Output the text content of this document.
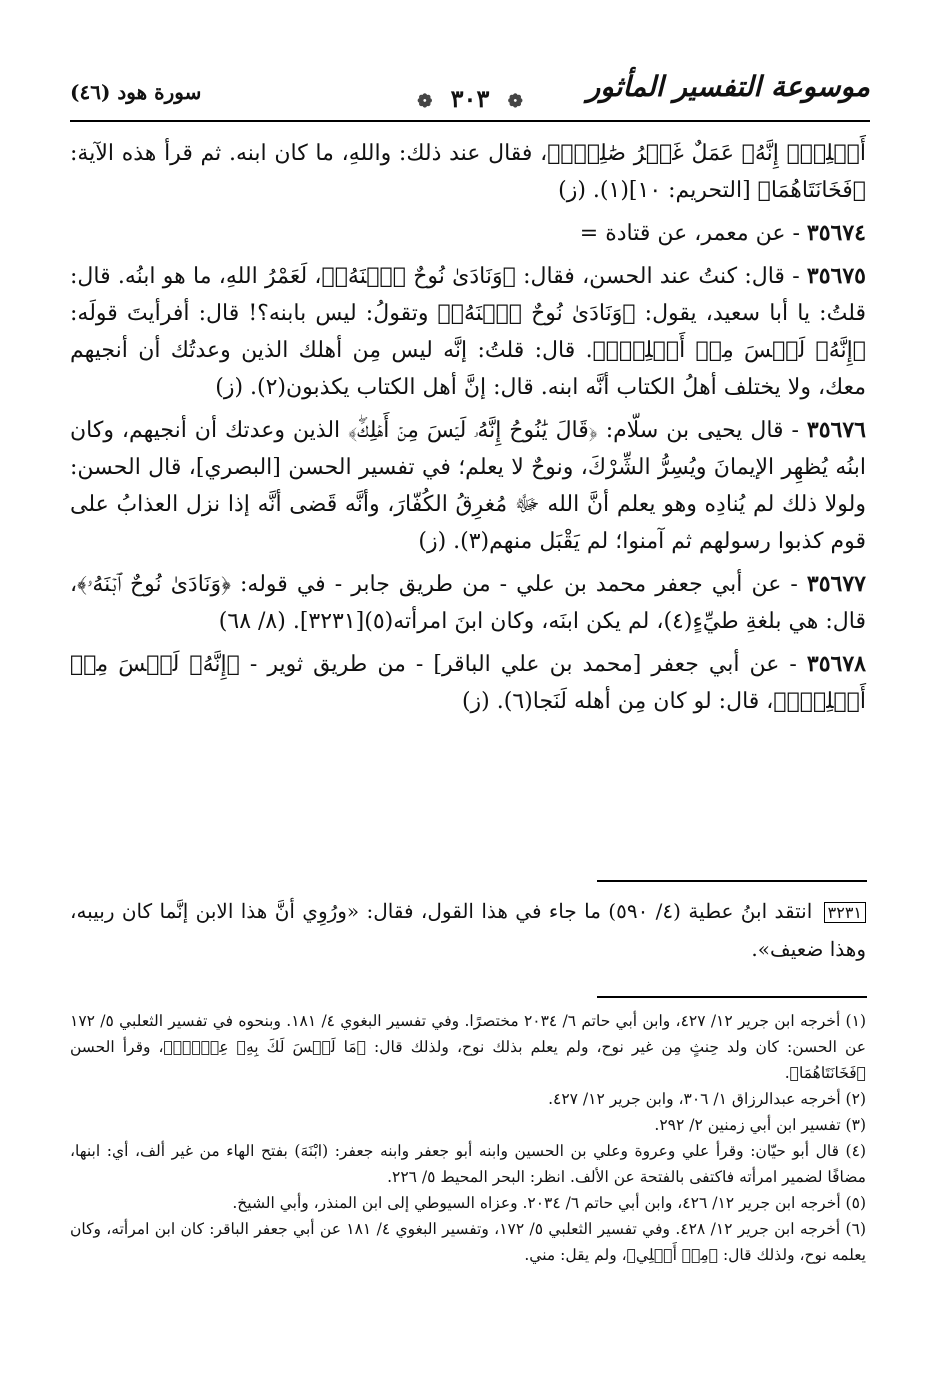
موسوعة التفسير المأثور
❁ ٣٠٣ ❁
سورة هود (٤٦)

أَهۡلِكَۖ إِنَّهُۥ عَمَلٌ غَيۡرُ صَٰلِحٖۖ﴾، فقال عند ذلك: واللهِ، ما كان ابنه. ثم قرأ هذه الآية: ﴿فَخَانَتَاهُمَا﴾ [التحريم: ١٠](١). (ز)

٣٥٦٧٤ - عن معمر، عن قتادة =

٣٥٦٧٥ - قال: كنتُ عند الحسن، فقال: ﴿وَنَادَىٰ نُوحٌ ٱبۡنَهُۥ﴾، لَعَمْرُ اللهِ، ما هو ابنُه. قال: قلتُ: يا أبا سعيد، يقول: ﴿وَنَادَىٰ نُوحٌ ٱبۡنَهُۥ﴾ وتقولُ: ليس بابنه؟! قال: أفرأيتَ قولَه: ﴿إِنَّهُۥ لَيۡسَ مِنۡ أَهۡلِكَۖ﴾. قال: قلتُ: إنَّه ليس مِن أهلك الذين وعدتُك أن أنجيهم معك، ولا يختلف أهلُ الكتاب أنَّه ابنه. قال: إنَّ أهل الكتاب يكذبون(٢). (ز)

٣٥٦٧٦ - قال يحيى بن سلّام: ﴿قَالَ يَٰنُوحُ إِنَّهُۥ لَيۡسَ مِنۡ أَهۡلِكَۖ﴾ الذين وعدتك أن أنجيهم، وكان ابنُه يُظهِر الإيمانَ ويُسِرُّ الشِّرْكَ، ونوحٌ لا يعلم؛ في تفسير الحسن [البصري]، قال الحسن: ولولا ذلك لم يُنادِه وهو يعلم أنَّ الله ﷻ مُغرِقُ الكُفّارَ، وأنَّه قَضى أنَّه إذا نزل العذابُ على قوم كذبوا رسولهم ثم آمنوا؛ لم يَقْبَل منهم(٣). (ز)

٣٥٦٧٧ - عن أبي جعفر محمد بن علي - من طريق جابر - في قوله: ﴿وَنَادَىٰ نُوحٌ ٱبۡنَهُۥ﴾، قال: هي بلغةِ طيِّءٍ(٤)، لم يكن ابنَه، وكان ابنَ امرأته(٥)[٣٢٣١]. (٨/ ٦٨)

٣٥٦٧٨ - عن أبي جعفر [محمد بن علي الباقر] - من طريق ثوير - ﴿إِنَّهُۥ لَيۡسَ مِنۡ أَهۡلِكَۖ﴾، قال: لو كان مِن أهله لَنَجا(٦). (ز)

٣٢٣١ انتقد ابنُ عطية (٤/ ٥٩٠) ما جاء في هذا القول، فقال: «ورُوِي أنَّ هذا الابن إنَّما كان ربيبه، وهذا ضعيف».

(١) أخرجه ابن جرير ١٢/ ٤٢٧، وابن أبي حاتم ٦/ ٢٠٣٤ مختصرًا. وفي تفسير البغوي ٤/ ١٨١. وبنحوه في تفسير الثعلبي ٥/ ١٧٢ عن الحسن: كان ولد حِنثٍ مِن غير نوح، ولم يعلم بذلك نوح، ولذلك قال: ﴿مَا لَيۡسَ لَكَ بِهِۦ عِلۡمٌۖ﴾، وقرأ الحسن ﴿فَخَانَتَاهُمَا﴾.

(٢) أخرجه عبدالرزاق ١/ ٣٠٦، وابن جرير ١٢/ ٤٢٧.

(٣) تفسير ابن أبي زمنين ٢/ ٢٩٢.

(٤) قال أبو حيّان: وقرأ علي وعروة وعلي بن الحسين وابنه أبو جعفر وابنه جعفر: (ابْنَهَ) بفتح الهاء من غير ألف، أي: ابنها، مضافًا لضمير امرأته فاكتفى بالفتحة عن الألف. انظر: البحر المحيط ٥/ ٢٢٦.

(٥) أخرجه ابن جرير ١٢/ ٤٢٦، وابن أبي حاتم ٦/ ٢٠٣٤. وعزاه السيوطي إلى ابن المنذر، وأبي الشيخ.

(٦) أخرجه ابن جرير ١٢/ ٤٢٨. وفي تفسير الثعلبي ٥/ ١٧٢، وتفسير البغوي ٤/ ١٨١ عن أبي جعفر الباقر: كان ابن امرأته، وكان يعلمه نوح، ولذلك قال: ﴿مِنۡ أَهۡلِي﴾، ولم يقل: مني.
